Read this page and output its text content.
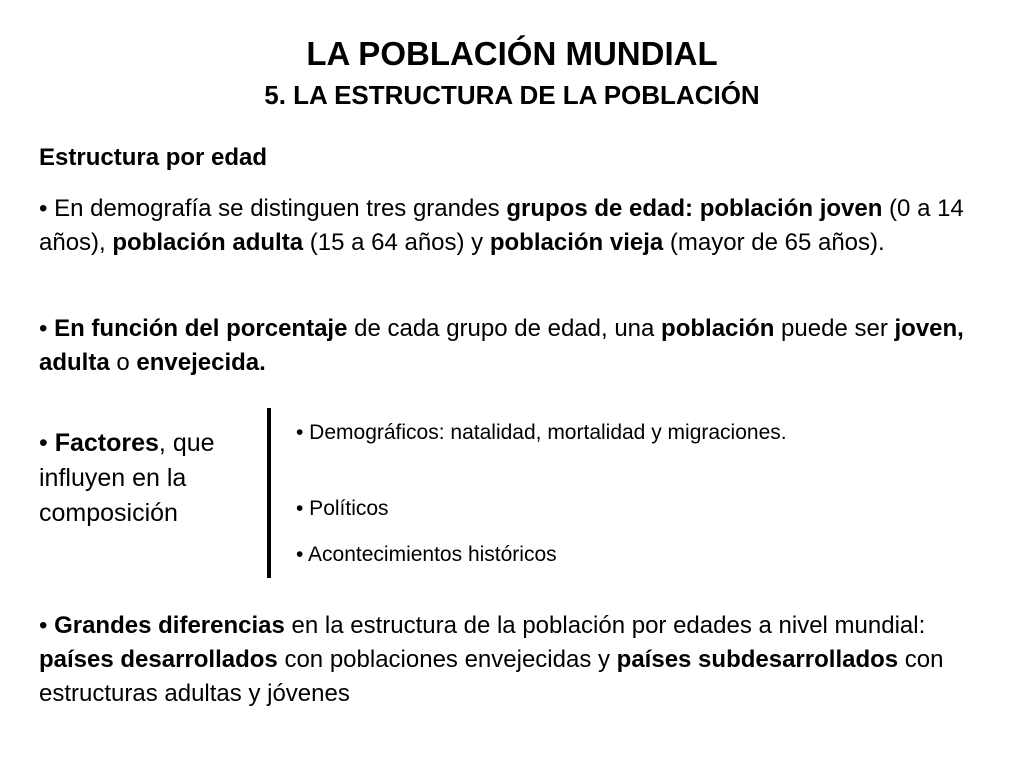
LA POBLACIÓN MUNDIAL
5. LA ESTRUCTURA DE LA POBLACIÓN
Estructura por edad

• En demografía se distinguen tres grandes grupos de edad: población joven (0 a 14 años), población adulta (15 a 64 años) y población vieja (mayor de 65 años).

• En función del porcentaje de cada grupo de edad, una población puede ser joven, adulta o envejecida.

• Factores, que influyen en la composición

• Demográficos: natalidad, mortalidad y migraciones.
• Políticos
• Acontecimientos históricos

• Grandes diferencias en la estructura de la población por edades a nivel mundial: países desarrollados con poblaciones envejecidas y países subdesarrollados con estructuras adultas y jóvenes
